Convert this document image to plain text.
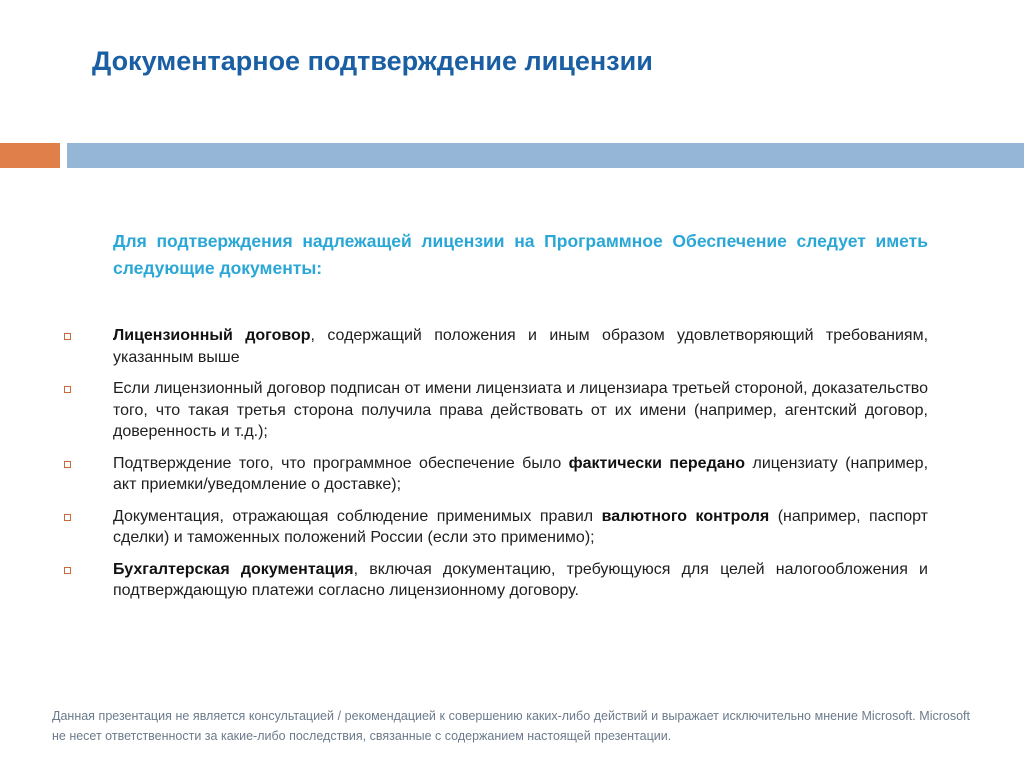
Документарное подтверждение лицензии

Для подтверждения надлежащей лицензии на Программное Обеспечение следует иметь следующие документы:

Лицензионный договор, содержащий положения и иным образом удовлетворяющий требованиям, указанным выше
Если лицензионный договор подписан от имени лицензиата и лицензиара третьей стороной, доказательство того, что такая третья сторона получила права действовать от их имени (например, агентский договор, доверенность и т.д.);
Подтверждение того, что программное обеспечение было фактически передано лицензиату (например, акт приемки/уведомление о доставке);
Документация, отражающая соблюдение применимых правил валютного контроля (например, паспорт сделки) и таможенных положений России (если это применимо);
Бухгалтерская документация, включая документацию, требующуюся для целей налогообложения и подтверждающую платежи согласно лицензионному договору.

Данная презентация не является консультацией / рекомендацией к совершению каких-либо действий и выражает исключительно мнение Microsoft. Microsoft не несет ответственности за какие-либо последствия, связанные с содержанием настоящей презентации.
